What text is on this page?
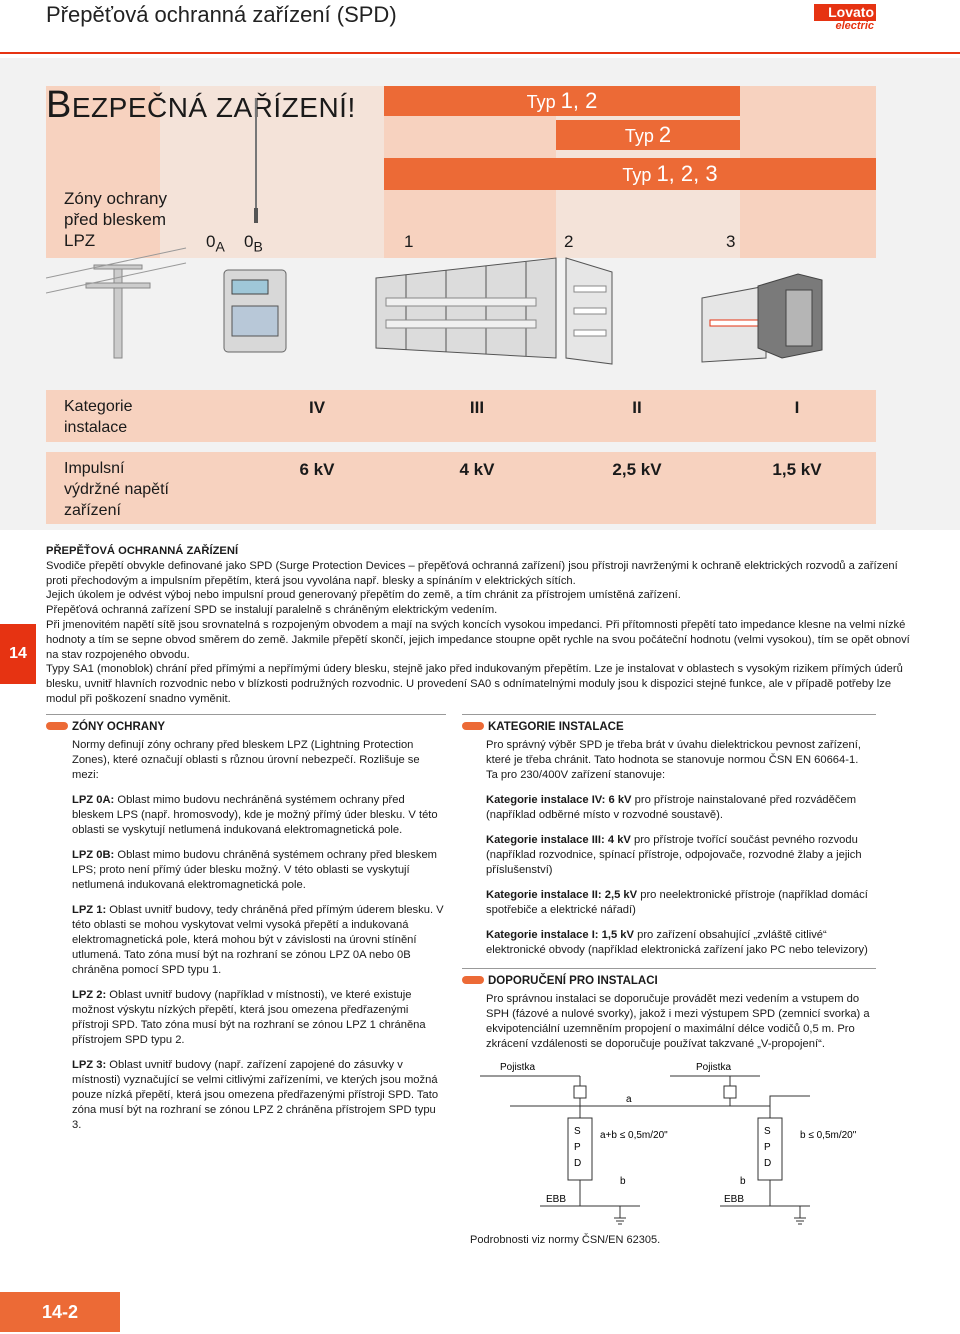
Přepěťová ochranná zařízení (SPD)	Lovato
electric
BEZPEČNÁ ZAŘÍZENÍ!	Typ 1, 2
Typ 2
Typ 1, 2, 3
Zóny ochrany
před bleskem
LPZ	$0_A$ $0_B$	1	2	3
Kategorie
instalace
IV	III	II	I
Impulsní
výdržné napětí
zařízení
6 kV	4 kV	2,5 kV	1,5 kV
14

PŘEPĚŤOVÁ OCHRANNÁ ZAŘÍZENÍ

Svodiče přepětí obvykle definované jako SPD (Surge Protection Devices – přepěťová ochranná zařízení) jsou přístroji navrženými k ochraně elektrických rozvodů a zařízení proti přechodovým a impulsním přepětím, která jsou vyvolána např. blesky a spínáním v elektrických sítích.

Jejich úkolem je odvést výboj nebo impulsní proud generovaný přepětím do země, a tím chránit za přístrojem umístěná zařízení.

Přepěťová ochranná zařízení SPD se instalují paralelně s chráněným elektrickým vedením.

Při jmenovitém napětí sítě jsou srovnatelná s rozpojeným obvodem a mají na svých koncích vysokou impedanci. Při přítomnosti přepětí tato impedance klesne na velmi nízké hodnoty a tím se sepne obvod směrem do země. Jakmile přepětí skončí, jejich impedance stoupne opět rychle na svou počáteční hodnotu (velmi vysokou), tím se opět obnoví na stav rozpojeného obvodu.

Typy SA1 (monoblok) chrání před přímými a nepřímými údery blesku, stejně jako před indukovaným přepětím. Lze je instalovat v oblastech s vysokým rizikem přímých úderů blesku, uvnitř hlavních rozvodnic nebo v blízkosti podružných rozvodnic. U provedení SA0 s odnímatelnými moduly jsou k dispozici stejné funkce, ale v případě potřeby lze modul při poškození snadno vyměnit.

ZÓNY OCHRANY

Normy definují zóny ochrany před bleskem LPZ (Lightning Protection Zones), které označují oblasti s různou úrovní nebezpečí. Rozlišuje se mezi:

LPZ 0A: Oblast mimo budovu nechráněná systémem ochrany před bleskem LPS (např. hromosvody), kde je možný přímý úder blesku. V této oblasti se vyskytují netlumená indukovaná elektromagnetická pole.

LPZ 0B: Oblast mimo budovu chráněná systémem ochrany před bleskem LPS; proto není přímý úder blesku možný. V této oblasti se vyskytují netlumená indukovaná elektromagnetická pole.

LPZ 1: Oblast uvnitř budovy, tedy chráněná před přímým úderem blesku. V této oblasti se mohou vyskytovat velmi vysoká přepětí a indukovaná elektromagnetická pole, která mohou být v závislosti na úrovni stínění utlumená. Tato zóna musí být na rozhraní se zónou LPZ 0A nebo 0B chráněna pomocí SPD typu 1.

LPZ 2: Oblast uvnitř budovy (například v místnosti), ve které existuje možnost výskytu nízkých přepětí, která jsou omezena předřazenými přístroji SPD. Tato zóna musí být na rozhraní se zónou LPZ 1 chráněna přístrojem SPD typu 2.

LPZ 3: Oblast uvnitř budovy (např. zařízení zapojené do zásuvky v místnosti) vyznačující se velmi citlivými zařízeními, ve kterých jsou možná pouze nízká přepětí, která jsou omezena předřazenými přístroji SPD. Tato zóna musí být na rozhraní se zónou LPZ 2 chráněna přístrojem SPD typu 3.

KATEGORIE INSTALACE

Pro správný výběr SPD je třeba brát v úvahu dielektrickou pevnost zařízení, které je třeba chránit. Tato hodnota se stanovuje normou ČSN EN 60664-1. Ta pro 230/400V zařízení stanovuje:

Kategorie instalace IV: 6 kV pro přístroje nainstalované před rozváděčem (například odběrné místo v rozvodné soustavě).

Kategorie instalace III: 4 kV pro přístroje tvořící součást pevného rozvodu (například rozvodnice, spínací přístroje, odpojovače, rozvodné žlaby a jejich příslušenství)

Kategorie instalace II: 2,5 kV pro neelektronické přístroje (například domácí spotřebiče a elektrické nářadí)

Kategorie instalace I: 1,5 kV pro zařízení obsahující „zvláště citlivé“ elektronické obvody (například elektronická zařízení jako PC nebo televizory)

DOPORUČENÍ PRO INSTALACI

Pro správnou instalaci se doporučuje provádět mezi vedením a vstupem do SPH (fázové a nulové svorky), jakož i mezi výstupem SPD (zemnicí svorka) a ekvipotenciální uzemněním propojení o maximální délce vodičů 0,5 m. Pro zkrácení vzdálenosti se doporučuje používat takzvané „V-propojení“.

Pojistka	Pojistka
a
S
P
D
S
P
D
a+b ≤ 0,5m/20"	b ≤ 0,5m/20"
b	b
EBB	EBB
Podrobnosti viz normy ČSN/EN 62305.
14-2
